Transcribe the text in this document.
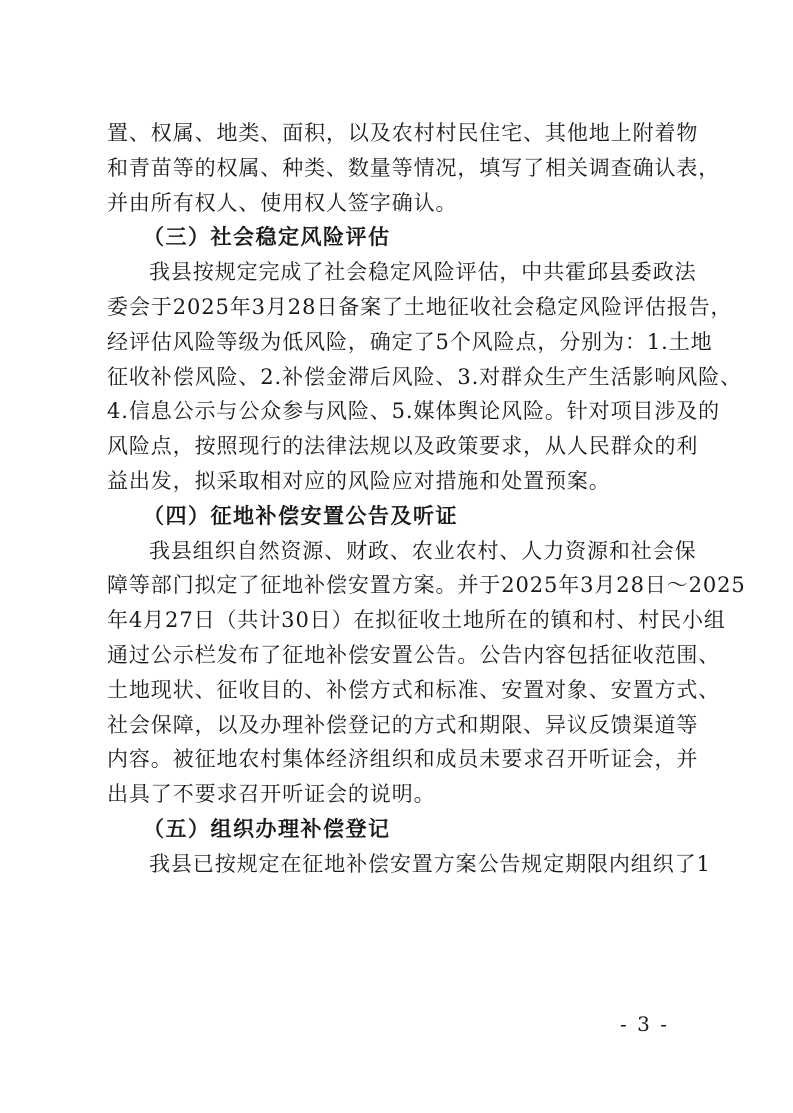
置、权属、地类、面积，以及农村村民住宅、其他地上附着物
和青苗等的权属、种类、数量等情况，填写了相关调查确认表，
并由所有权人、使用权人签字确认。
（三）社会稳定风险评估
我县按规定完成了社会稳定风险评估，中共霍邱县委政法
委会于2025年3月28日备案了土地征收社会稳定风险评估报告，
经评估风险等级为低风险，确定了5个风险点，分别为：1.土地
征收补偿风险、2.补偿金滞后风险、3.对群众生产生活影响风险、
4.信息公示与公众参与风险、5.媒体舆论风险。针对项目涉及的
风险点，按照现行的法律法规以及政策要求，从人民群众的利
益出发，拟采取相对应的风险应对措施和处置预案。
（四）征地补偿安置公告及听证
我县组织自然资源、财政、农业农村、人力资源和社会保
障等部门拟定了征地补偿安置方案。并于2025年3月28日～2025
年4月27日（共计30日）在拟征收土地所在的镇和村、村民小组
通过公示栏发布了征地补偿安置公告。公告内容包括征收范围、
土地现状、征收目的、补偿方式和标准、安置对象、安置方式、
社会保障，以及办理补偿登记的方式和期限、异议反馈渠道等
内容。被征地农村集体经济组织和成员未要求召开听证会，并
出具了不要求召开听证会的说明。
（五）组织办理补偿登记
我县已按规定在征地补偿安置方案公告规定期限内组织了1
- 3 -
